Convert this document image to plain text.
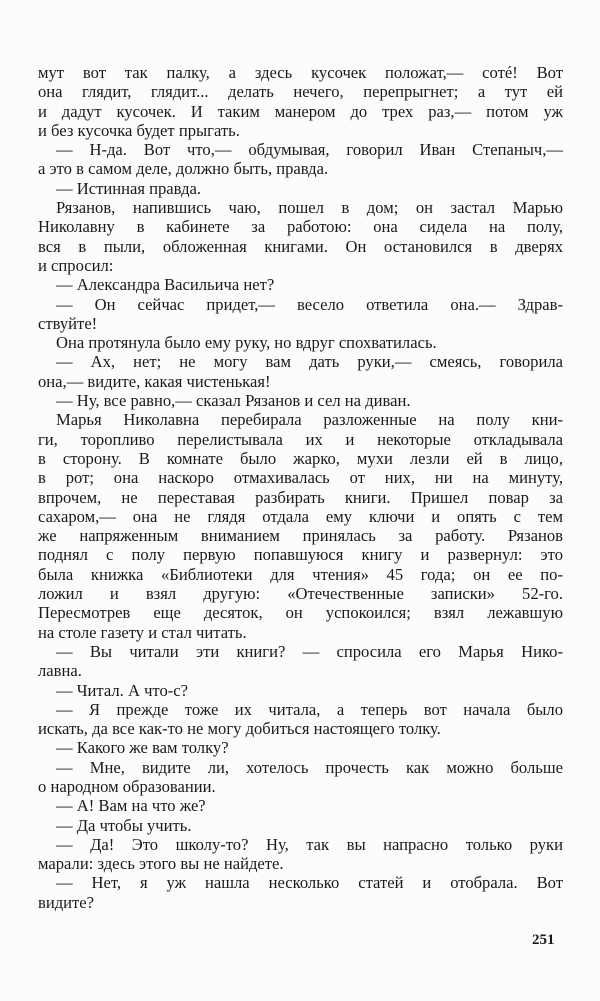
мут вот так палку, а здесь кусочек положат,— сотé! Вот

она глядит, глядит... делать нечего, перепрыгнет; а тут ей

и дадут кусочек. И таким манером до трех раз,— потом уж

и без кусочка будет прыгать.

— Н-да. Вот что,— обдумывая, говорил Иван Степаныч,—

а это в самом деле, должно быть, правда.

— Истинная правда.

Рязанов, напившись чаю, пошел в дом; он застал Марью

Николавну в кабинете за работою: она сидела на полу,

вся в пыли, обложенная книгами. Он остановился в дверях

и спросил:

— Александра Васильича нет?

— Он сейчас придет,— весело ответила она.— Здрав-

ствуйте!

Она протянула было ему руку, но вдруг спохватилась.

— Ах, нет; не могу вам дать руки,— смеясь, говорила

она,— видите, какая чистенькая!

— Ну, все равно,— сказал Рязанов и сел на диван.

Марья Николавна перебирала разложенные на полу кни-

ги, торопливо перелистывала их и некоторые откладывала

в сторону. В комнате было жарко, мухи лезли ей в лицо,

в рот; она наскоро отмахивалась от них, ни на минуту,

впрочем, не переставая разбирать книги. Пришел повар за

сахаром,— она не глядя отдала ему ключи и опять с тем

же напряженным вниманием принялась за работу. Рязанов

поднял с полу первую попавшуюся книгу и развернул: это

была книжка «Библиотеки для чтения» 45 года; он ее по-

ложил и взял другую: «Отечественные записки» 52-го.

Пересмотрев еще десяток, он успокоился; взял лежавшую

на столе газету и стал читать.

— Вы читали эти книги? — спросила его Марья Нико-

лавна.

— Читал. А что-с?

— Я прежде тоже их читала, а теперь вот начала было

искать, да все как-то не могу добиться настоящего толку.

— Какого же вам толку?

— Мне, видите ли, хотелось прочесть как можно больше

о народном образовании.

— А! Вам на что же?

— Да чтобы учить.

— Да! Это школу-то? Ну, так вы напрасно только руки

марали: здесь этого вы не найдете.

— Нет, я уж нашла несколько статей и отобрала. Вот

видите?

251
